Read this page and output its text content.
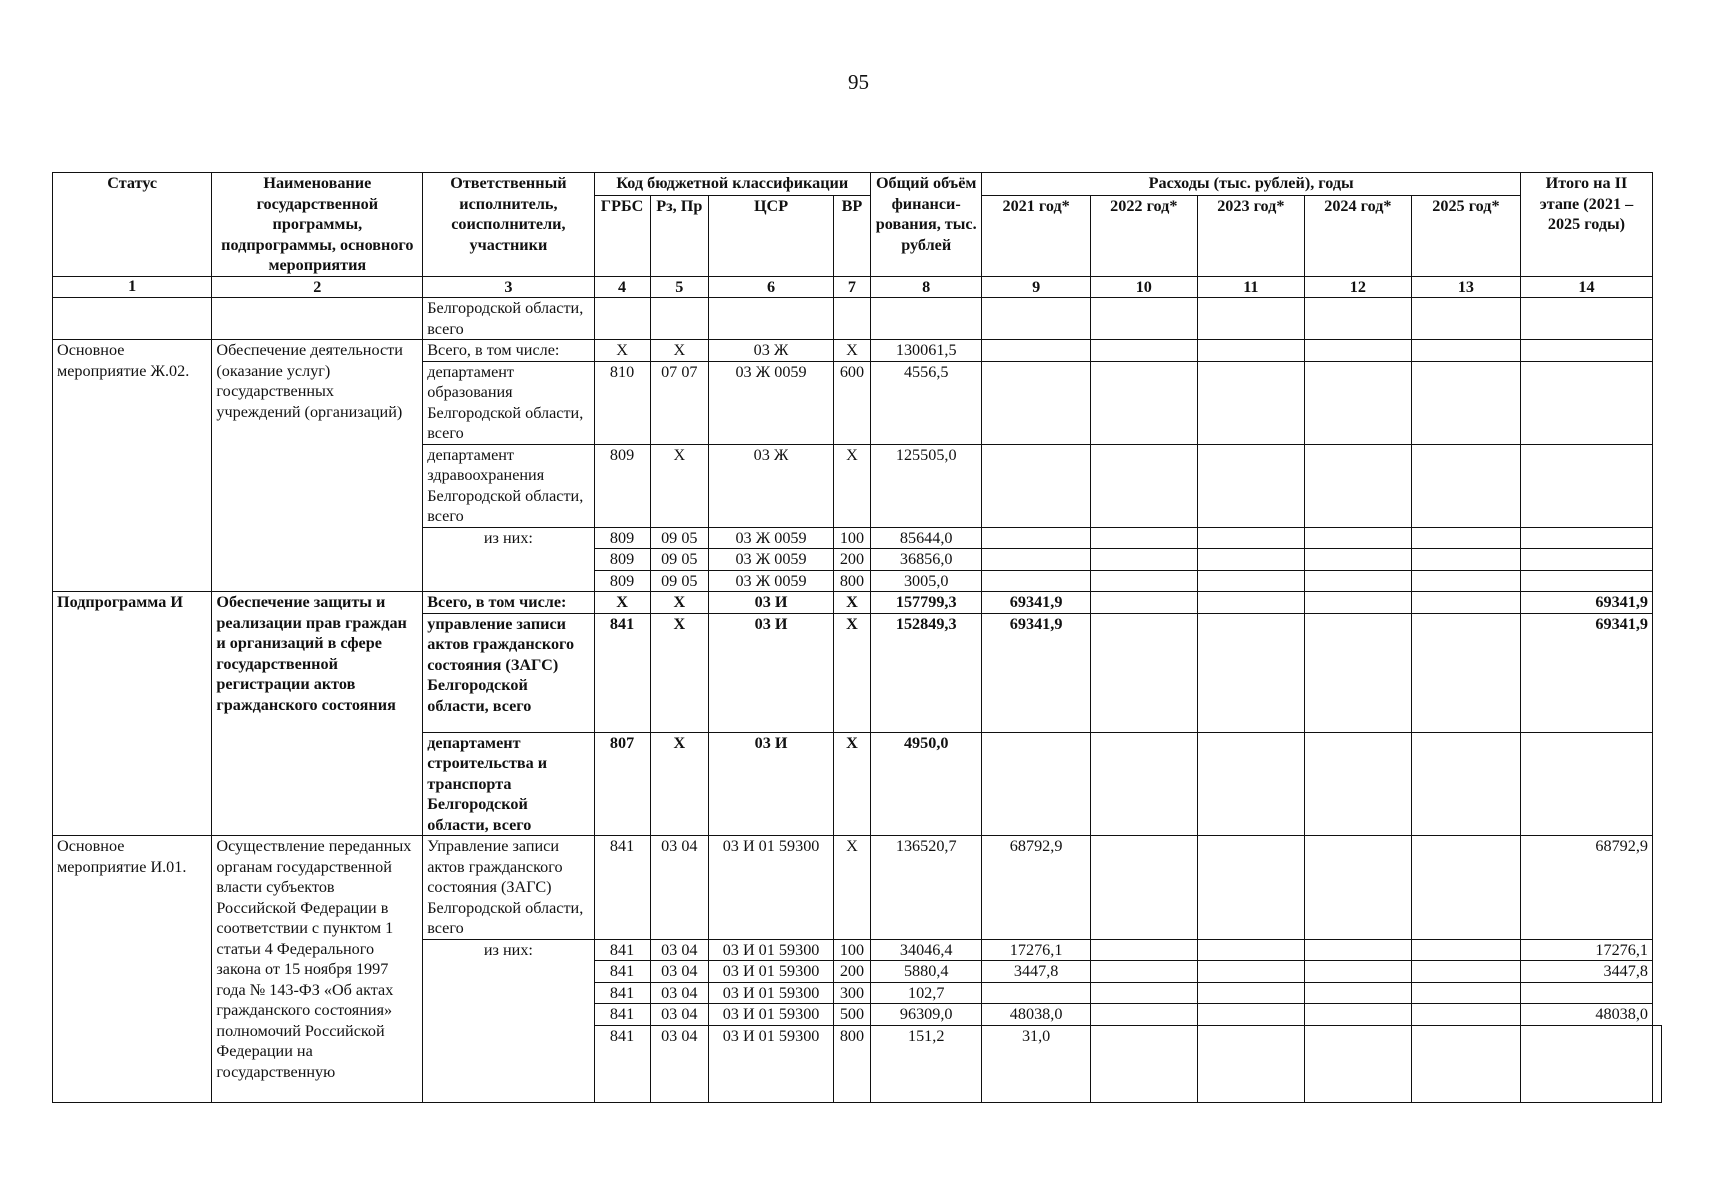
95
Статус	Наименование государственной программы, подпрограммы, основного мероприятия	Ответственный исполнитель, соисполнители, участники	Код бюджетной классификации				Общий объём финанси-рования, тыс. рублей	Расходы (тыс. рублей), годы					Итого на II этапе (2021 – 2025 годы)	
			ГРБС	Рз, Пр	ЦСР	ВР		2021 год*	2022 год*	2023 год*	2024 год*	2025 год*		
1	2	3	4	5	6	7	8	9	10	11	12	13	14	
		Белгородской области, всего												
Основное мероприятие Ж.02.	Обеспечение деятельности (оказание услуг) государственных учреждений (организаций)	Всего, в том числе:	Х	Х	03 Ж	Х	130061,5							
		департамент образования Белгородской области, всего	810	07 07	03 Ж 0059	600	4556,5							
		департамент здравоохранения Белгородской области, всего	809	Х	03 Ж	Х	125505,0							
		из них:	809	09 05	03 Ж 0059	100	85644,0							
			809	09 05	03 Ж 0059	200	36856,0							
			809	09 05	03 Ж 0059	800	3005,0							
Подпрограмма И	Обеспечение защиты и реализации прав граждан и организаций в сфере государственной регистрации актов гражданского состояния	Всего, в том числе:	Х	Х	03 И	Х	157799,3	69341,9					69341,9	
		управление записи актов гражданского состояния (ЗАГС) Белгородской области, всего	841	Х	03 И	Х	152849,3	69341,9					69341,9	
		департамент строительства и транспорта Белгородской области, всего	807	Х	03 И	Х	4950,0							
Основное мероприятие И.01.	Осуществление переданных органам государственной власти субъектов Российской Федерации в соответствии с пунктом 1 статьи 4 Федерального закона от 15 ноября 1997 года № 143-ФЗ «Об актах гражданского состояния» полномочий Российской Федерации на государственную	Управление записи актов гражданского состояния (ЗАГС) Белгородской области, всего	841	03 04	03 И 01 59300	Х	136520,7	68792,9					68792,9	
		из них:	841	03 04	03 И 01 59300	100	34046,4	17276,1					17276,1	
			841	03 04	03 И 01 59300	200	5880,4	3447,8					3447,8	
			841	03 04	03 И 01 59300	300	102,7							
			841	03 04	03 И 01 59300	500	96309,0	48038,0					48038,0	
			841	03 04	03 И 01 59300	800	151,2	31,0						
